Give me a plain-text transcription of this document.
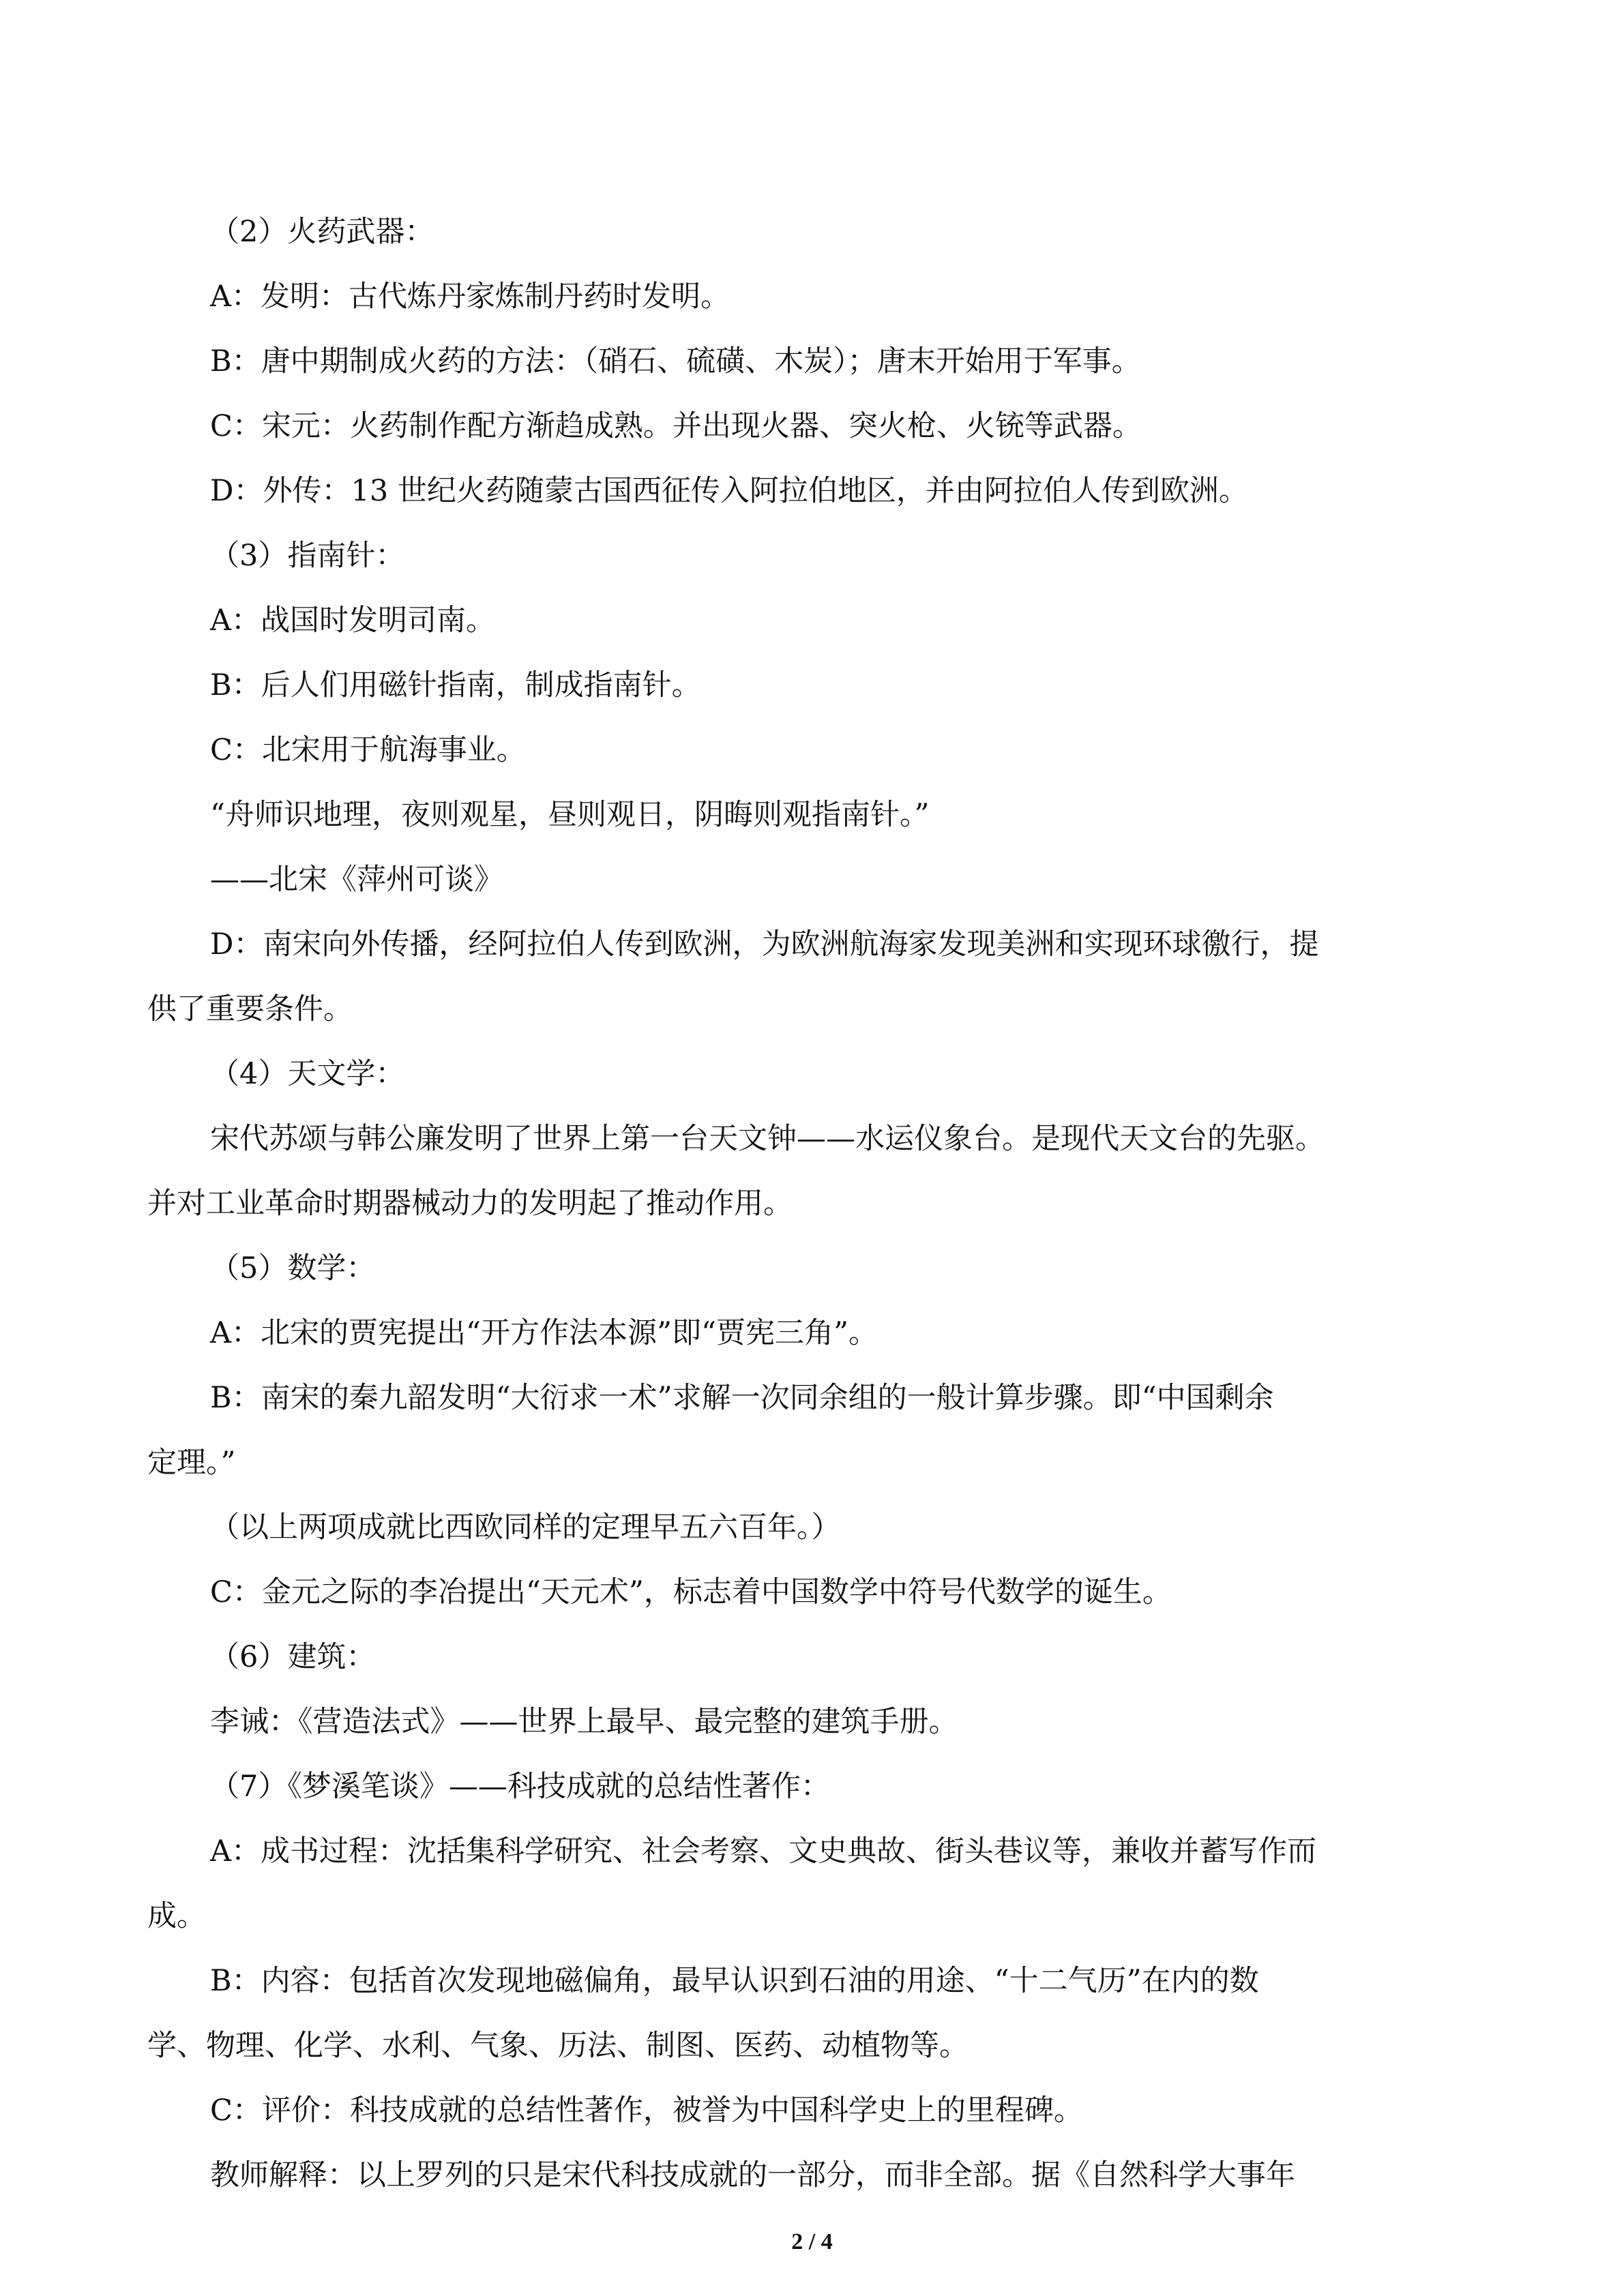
（2）火药武器：
A：发明：古代炼丹家炼制丹药时发明。
B：唐中期制成火药的方法：（硝石、硫磺、木炭）；唐末开始用于军事。
C：宋元：火药制作配方渐趋成熟。并出现火器、突火枪、火铳等武器。
D：外传：13 世纪火药随蒙古国西征传入阿拉伯地区，并由阿拉伯人传到欧洲。
（3）指南针：
A：战国时发明司南。
B：后人们用磁针指南，制成指南针。
C：北宋用于航海事业。
“舟师识地理，夜则观星，昼则观日，阴晦则观指南针。”
——北宋《萍州可谈》
D：南宋向外传播，经阿拉伯人传到欧洲，为欧洲航海家发现美洲和实现环球徼行，提
供了重要条件。
（4）天文学：
宋代苏颂与韩公廉发明了世界上第一台天文钟——水运仪象台。是现代天文台的先驱。
并对工业革命时期器械动力的发明起了推动作用。
（5）数学：
A：北宋的贾宪提出“开方作法本源”即“贾宪三角”。
B：南宋的秦九韶发明“大衍求一术”求解一次同余组的一般计算步骤。即“中国剩余
定理。”
（以上两项成就比西欧同样的定理早五六百年。）
C：金元之际的李冶提出“天元术”，标志着中国数学中符号代数学的诞生。
（6）建筑：
李诫：《营造法式》——世界上最早、最完整的建筑手册。
（7）《梦溪笔谈》——科技成就的总结性著作：
A：成书过程：沈括集科学研究、社会考察、文史典故、街头巷议等，兼收并蓄写作而
成。
B：内容：包括首次发现地磁偏角，最早认识到石油的用途、“十二气历”在内的数
学、物理、化学、水利、气象、历法、制图、医药、动植物等。
C：评价：科技成就的总结性著作，被誉为中国科学史上的里程碑。
教师解释：以上罗列的只是宋代科技成就的一部分，而非全部。据《自然科学大事年
2 / 4
